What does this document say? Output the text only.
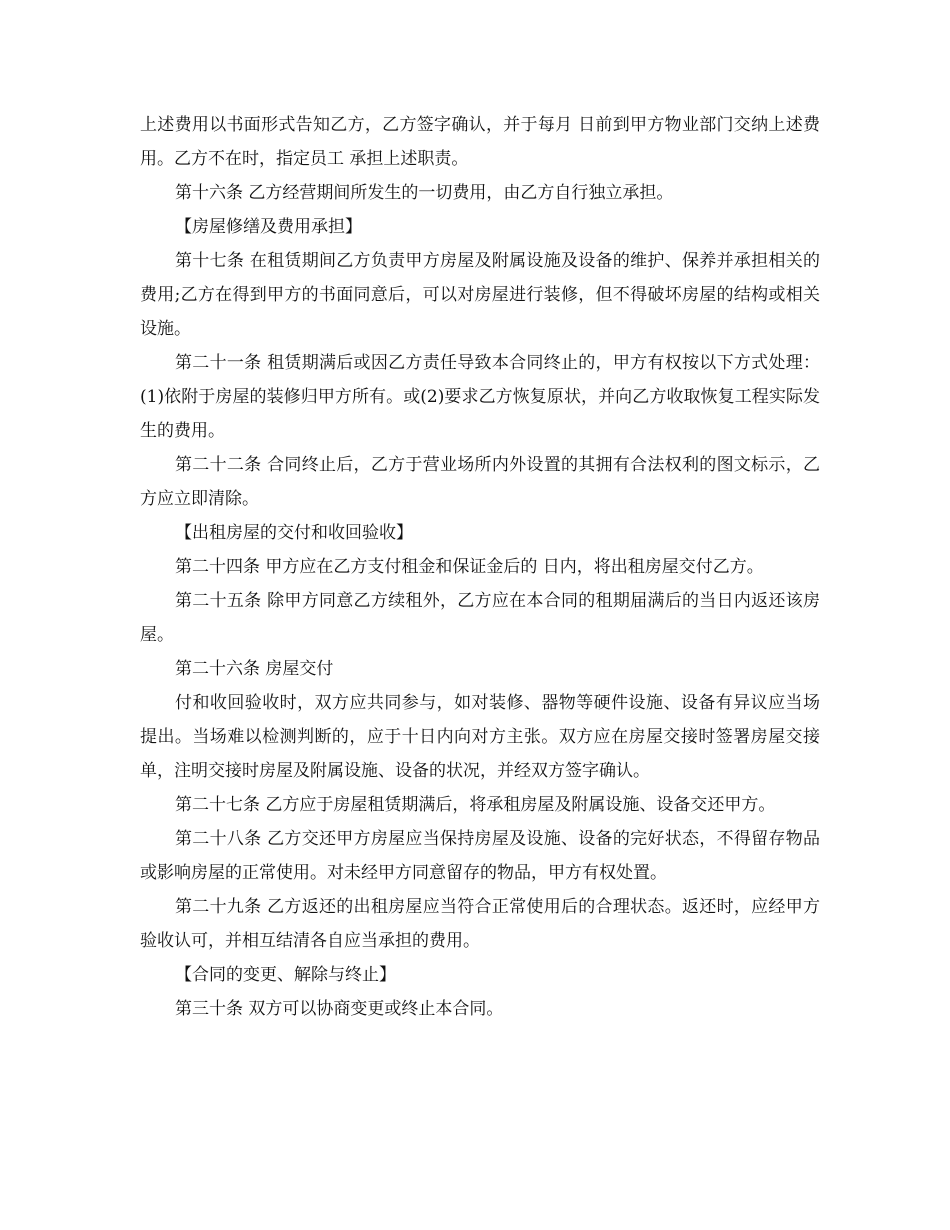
上述费用以书面形式告知乙方，乙方签字确认，并于每月 日前到甲方物业部门交纳上述费用。乙方不在时，指定员工 承担上述职责。

第十六条 乙方经营期间所发生的一切费用，由乙方自行独立承担。

【房屋修缮及费用承担】

第十七条 在租赁期间乙方负责甲方房屋及附属设施及设备的维护、保养并承担相关的费用;乙方在得到甲方的书面同意后，可以对房屋进行装修，但不得破坏房屋的结构或相关设施。

第二十一条 租赁期满后或因乙方责任导致本合同终止的，甲方有权按以下方式处理：(1)依附于房屋的装修归甲方所有。或(2)要求乙方恢复原状，并向乙方收取恢复工程实际发生的费用。

第二十二条 合同终止后，乙方于营业场所内外设置的其拥有合法权利的图文标示，乙方应立即清除。

【出租房屋的交付和收回验收】

第二十四条 甲方应在乙方支付租金和保证金后的 日内，将出租房屋交付乙方。

第二十五条 除甲方同意乙方续租外，乙方应在本合同的租期届满后的当日内返还该房屋。

第二十六条 房屋交付

付和收回验收时，双方应共同参与，如对装修、器物等硬件设施、设备有异议应当场提出。当场难以检测判断的，应于十日内向对方主张。双方应在房屋交接时签署房屋交接单，注明交接时房屋及附属设施、设备的状况，并经双方签字确认。

第二十七条 乙方应于房屋租赁期满后，将承租房屋及附属设施、设备交还甲方。

第二十八条 乙方交还甲方房屋应当保持房屋及设施、设备的完好状态，不得留存物品或影响房屋的正常使用。对未经甲方同意留存的物品，甲方有权处置。

第二十九条 乙方返还的出租房屋应当符合正常使用后的合理状态。返还时，应经甲方验收认可，并相互结清各自应当承担的费用。

【合同的变更、解除与终止】

第三十条 双方可以协商变更或终止本合同。
